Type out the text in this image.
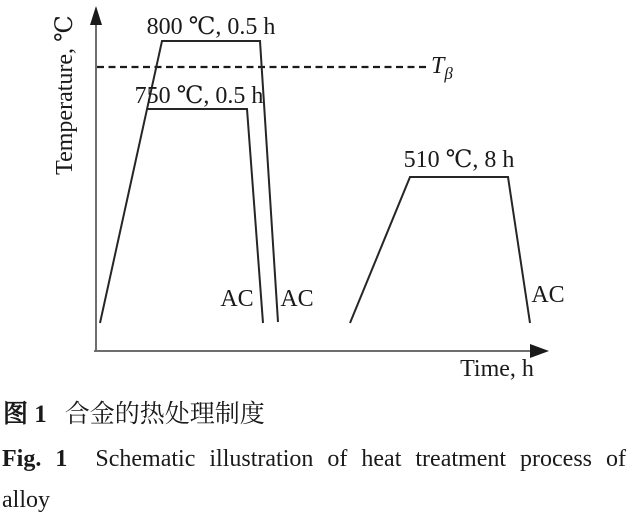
Temperature, ℃
Time, h
800 ℃, 0.5 h
750 ℃, 0.5 h
510 ℃, 8 h
$T_\beta$
AC AC	AC
图 1 合金的热处理制度
Fig. 1 Schematic illustration of heat treatment process of
alloy
